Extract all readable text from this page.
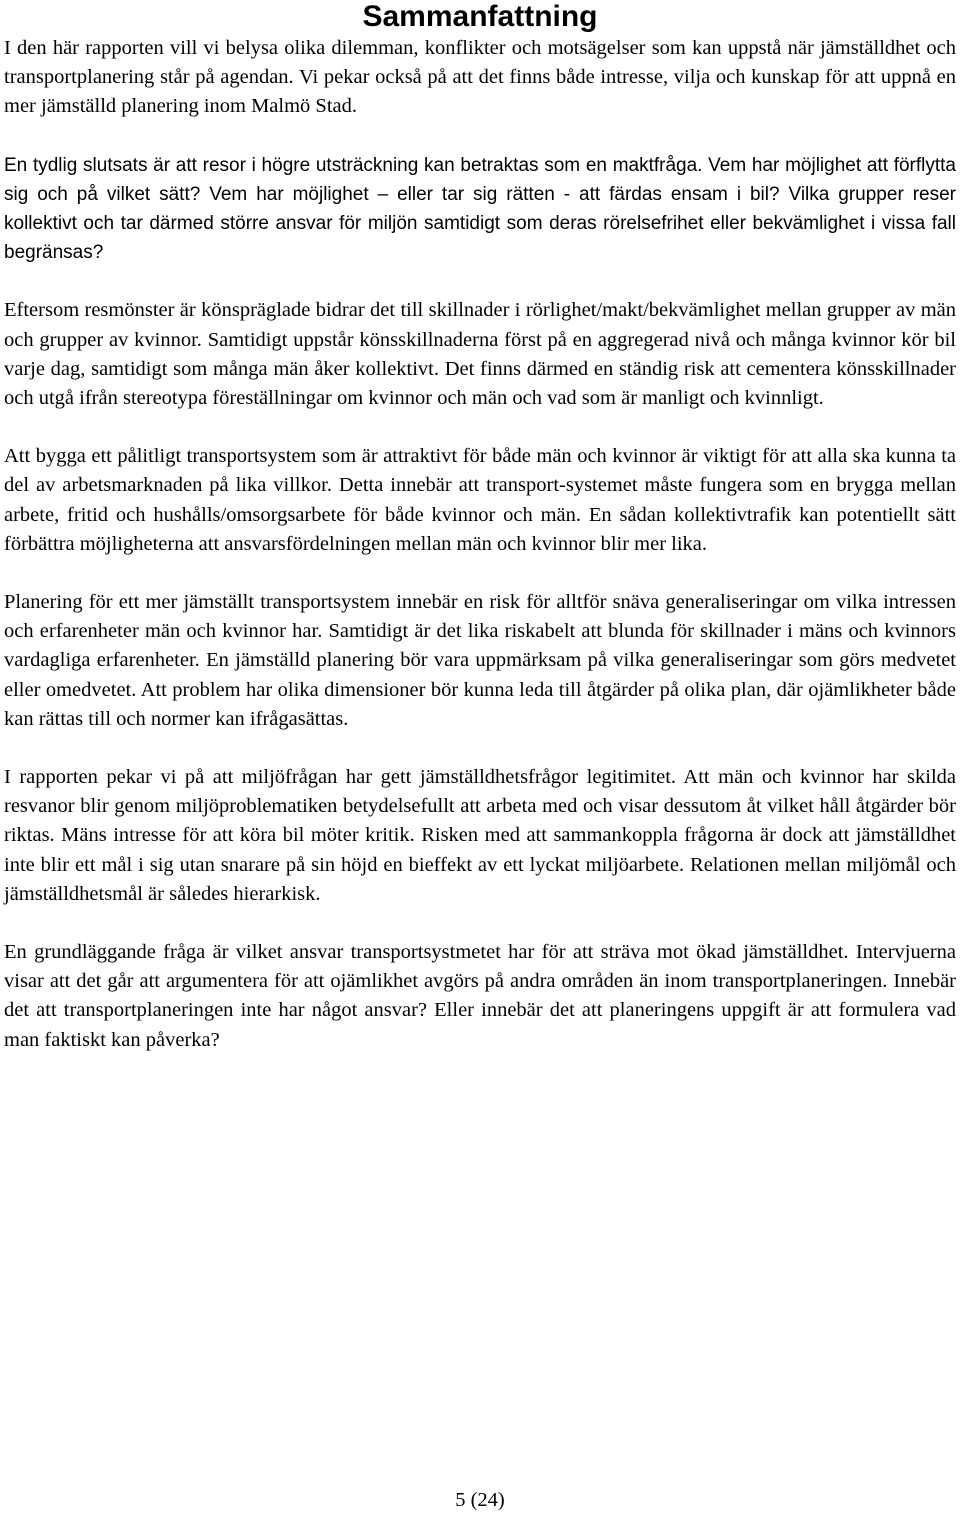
Sammanfattning

I den här rapporten vill vi belysa olika dilemman, konflikter och motsägelser som kan uppstå när jämställdhet och transportplanering står på agendan. Vi pekar också på att det finns både intresse, vilja och kunskap för att uppnå en mer jämställd planering inom Malmö Stad.

En tydlig slutsats är att resor i högre utsträckning kan betraktas som en maktfråga. Vem har möjlighet att förflytta sig och på vilket sätt? Vem har möjlighet – eller tar sig rätten - att färdas ensam i bil? Vilka grupper reser kollektivt och tar därmed större ansvar för miljön samtidigt som deras rörelsefrihet eller bekvämlighet i vissa fall begränsas?

Eftersom resmönster är könspräglade bidrar det till skillnader i rörlighet/makt/bekvämlighet mellan grupper av män och grupper av kvinnor. Samtidigt uppstår könsskillnaderna först på en aggregerad nivå och många kvinnor kör bil varje dag, samtidigt som många män åker kollektivt. Det finns därmed en ständig risk att cementera könsskillnader och utgå ifrån stereotypa föreställningar om kvinnor och män och vad som är manligt och kvinnligt.

Att bygga ett pålitligt transportsystem som är attraktivt för både män och kvinnor är viktigt för att alla ska kunna ta del av arbetsmarknaden på lika villkor. Detta innebär att transport-systemet måste fungera som en brygga mellan arbete, fritid och hushålls/omsorgsarbete för både kvinnor och män. En sådan kollektivtrafik kan potentiellt sätt förbättra möjligheterna att ansvarsfördelningen mellan män och kvinnor blir mer lika.

Planering för ett mer jämställt transportsystem innebär en risk för alltför snäva generaliseringar om vilka intressen och erfarenheter män och kvinnor har. Samtidigt är det lika riskabelt att blunda för skillnader i mäns och kvinnors vardagliga erfarenheter. En jämställd planering bör vara uppmärksam på vilka generaliseringar som görs medvetet eller omedvetet. Att problem har olika dimensioner bör kunna leda till åtgärder på olika plan, där ojämlikheter både kan rättas till och normer kan ifrågasättas.

I rapporten pekar vi på att miljöfrågan har gett jämställdhetsfrågor legitimitet. Att män och kvinnor har skilda resvanor blir genom miljöproblematiken betydelsefullt att arbeta med och visar dessutom åt vilket håll åtgärder bör riktas. Mäns intresse för att köra bil möter kritik. Risken med att sammankoppla frågorna är dock att jämställdhet inte blir ett mål i sig utan snarare på sin höjd en bieffekt av ett lyckat miljöarbete. Relationen mellan miljömål och jämställdhetsmål är således hierarkisk.

En grundläggande fråga är vilket ansvar transportsystmetet har för att sträva mot ökad jämställdhet. Intervjuerna visar att det går att argumentera för att ojämlikhet avgörs på andra områden än inom transportplaneringen. Innebär det att transportplaneringen inte har något ansvar? Eller innebär det att planeringens uppgift är att formulera vad man faktiskt kan påverka?

5 (24)
